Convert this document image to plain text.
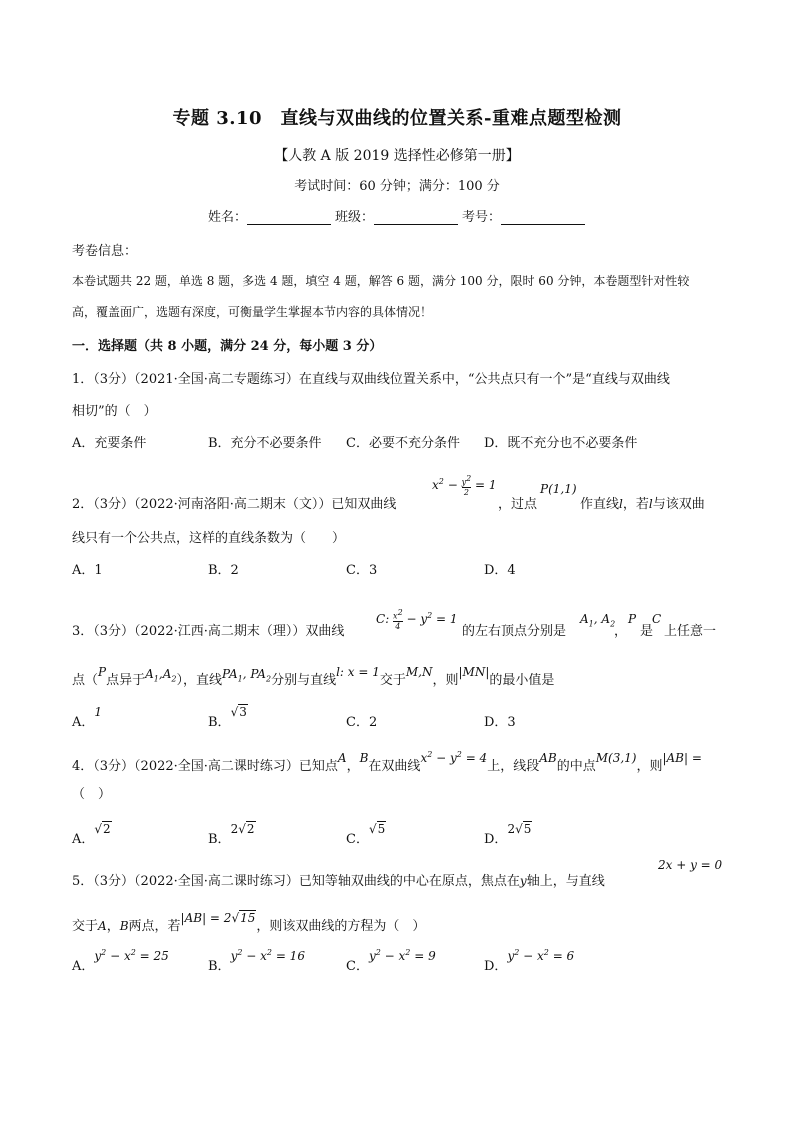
专题 3.10　直线与双曲线的位置关系-重难点题型检测
【人教 A 版 2019 选择性必修第一册】
考试时间：60 分钟；满分：100 分
姓名：	班级：	考号：
考卷信息：
本卷试题共 22 题，单选 8 题，多选 4 题，填空 4 题，解答 6 题，满分 100 分，限时 60 分钟，本卷题型针对性较
高，覆盖面广，选题有深度，可衡量学生掌握本节内容的具体情况！
一．选择题（共 8 小题，满分 24 分，每小题 3 分）
1．（3分）（2021·全国·高二专题练习）在直线与双曲线位置关系中，“公共点只有一个”是“直线与双曲线
相切”的（　）
A．充要条件	B．充分不必要条件 C．必要不充分条件 D．既不充分也不必要条件
2．（3分）（2022·河南洛阳·高二期末（文））已知双曲线
$x^2 - \frac{y^2}{2} = 1$
，过点
P(1,1)
作直线l，若l与该双曲
线只有一个公共点，这样的直线条数为（　　）
A．1	B．2	C．3	D．4
3．（3分）（2022·江西·高二期末（理））双曲线
C: $\frac{x^2}{4} - y^2 = 1$
的左右顶点分别是
$A_1$, $A_2$
，
P
是
C
上任意一
点（P点异于$A_1,A_2$），直线$PA_1$, $PA_2$分别与直线l: x = 1交于M,N，则|MN|的最小值是
A．1
B．√3
C．2	D．3
4．（3分）（2022·全国·高二课时练习）已知点A，B在双曲线$x^2 - y^2 = 4$上，线段AB的中点M(3,1)，则|AB| =
（　）
A．√2
B．2√2
C．√5
D．2√5
5．（3分）（2022·全国·高二课时练习）已知等轴双曲线的中心在原点，焦点在y轴上，与直线
2x + y = 0
交于A，B两点，若|AB| = 2√15，则该双曲线的方程为（　）
A．$y^2 - x^2 = 25$
B．$y^2 - x^2 = 16$
C．$y^2 - x^2 = 9$
D．$y^2 - x^2 = 6$
